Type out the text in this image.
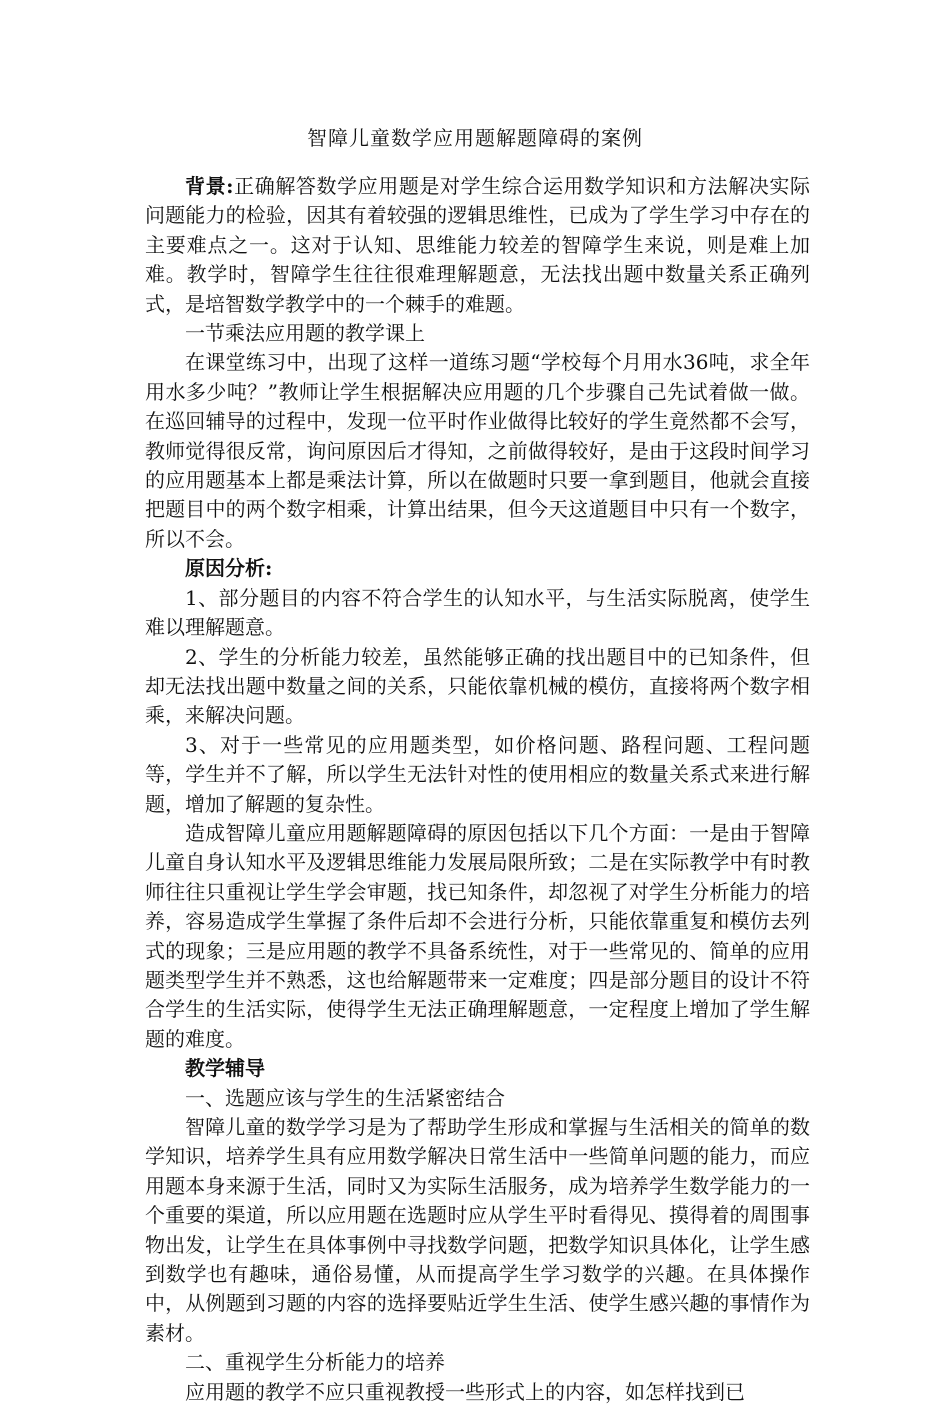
智障儿童数学应用题解题障碍的案例

背景:正确解答数学应用题是对学生综合运用数学知识和方法解决实际问题能力的检验，因其有着较强的逻辑思维性，已成为了学生学习中存在的主要难点之一。这对于认知、思维能力较差的智障学生来说，则是难上加难。教学时，智障学生往往很难理解题意，无法找出题中数量关系正确列式，是培智数学教学中的一个棘手的难题。

一节乘法应用题的教学课上

在课堂练习中，出现了这样一道练习题“学校每个月用水36吨，求全年用水多少吨？”教师让学生根据解决应用题的几个步骤自己先试着做一做。在巡回辅导的过程中，发现一位平时作业做得比较好的学生竟然都不会写，教师觉得很反常，询问原因后才得知，之前做得较好，是由于这段时间学习的应用题基本上都是乘法计算，所以在做题时只要一拿到题目，他就会直接把题目中的两个数字相乘，计算出结果，但今天这道题目中只有一个数字，所以不会。

原因分析:

1、部分题目的内容不符合学生的认知水平，与生活实际脱离，使学生难以理解题意。

2、学生的分析能力较差，虽然能够正确的找出题目中的已知条件，但却无法找出题中数量之间的关系，只能依靠机械的模仿，直接将两个数字相乘，来解决问题。

3、对于一些常见的应用题类型，如价格问题、路程问题、工程问题等，学生并不了解，所以学生无法针对性的使用相应的数量关系式来进行解题，增加了解题的复杂性。

造成智障儿童应用题解题障碍的原因包括以下几个方面：一是由于智障儿童自身认知水平及逻辑思维能力发展局限所致；二是在实际教学中有时教师往往只重视让学生学会审题，找已知条件，却忽视了对学生分析能力的培养，容易造成学生掌握了条件后却不会进行分析，只能依靠重复和模仿去列式的现象；三是应用题的教学不具备系统性，对于一些常见的、简单的应用题类型学生并不熟悉，这也给解题带来一定难度；四是部分题目的设计不符合学生的生活实际，使得学生无法正确理解题意，一定程度上增加了学生解题的难度。

教学辅导

一、选题应该与学生的生活紧密结合

智障儿童的数学学习是为了帮助学生形成和掌握与生活相关的简单的数学知识，培养学生具有应用数学解决日常生活中一些简单问题的能力，而应用题本身来源于生活，同时又为实际生活服务，成为培养学生数学能力的一个重要的渠道，所以应用题在选题时应从学生平时看得见、摸得着的周围事物出发，让学生在具体事例中寻找数学问题，把数学知识具体化，让学生感到数学也有趣味，通俗易懂，从而提高学生学习数学的兴趣。在具体操作中，从例题到习题的内容的选择要贴近学生生活、使学生感兴趣的事情作为素材。

二、重视学生分析能力的培养

应用题的教学不应只重视教授一些形式上的内容，如怎样找到已
